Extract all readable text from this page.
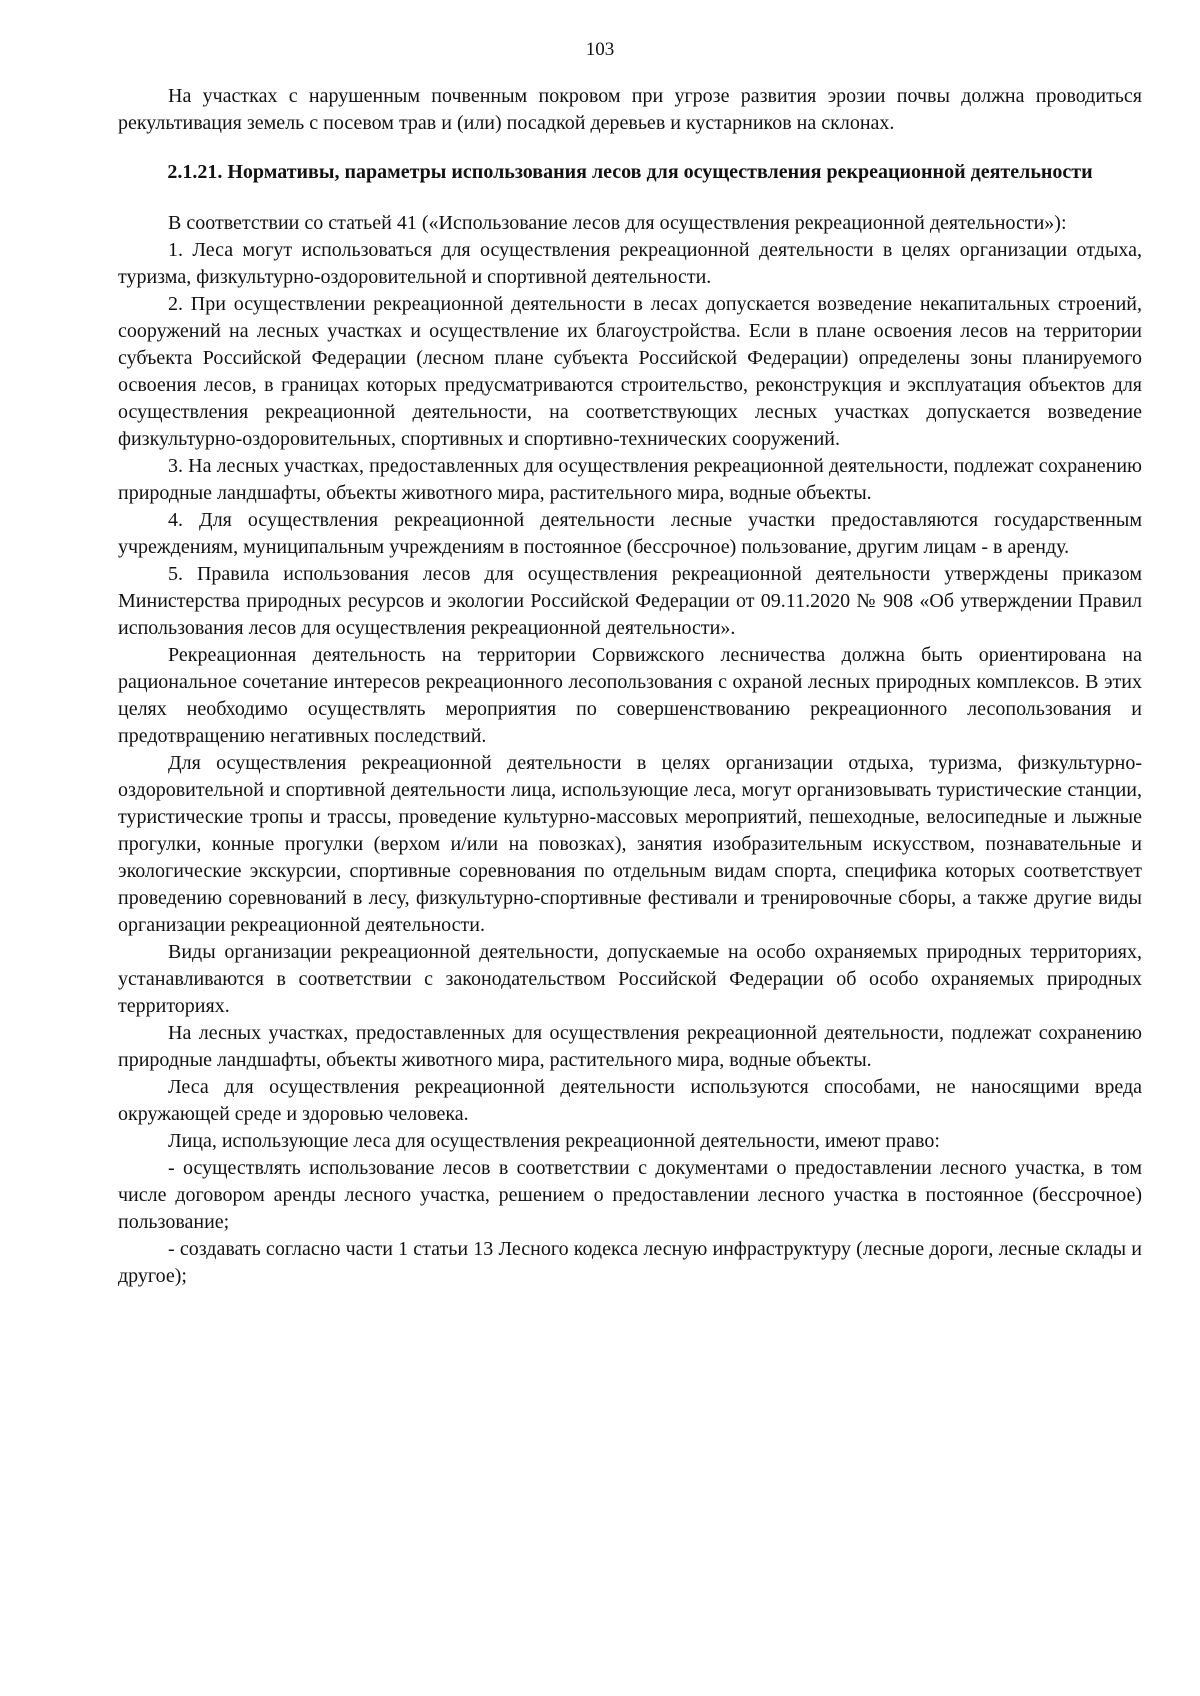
103

На участках с нарушенным почвенным покровом при угрозе развития эрозии почвы должна проводиться рекультивация земель с посевом трав и (или) посадкой деревьев и кустарников на склонах.

2.1.21. Нормативы, параметры использования лесов для осуществления рекреационной деятельности

В соответствии со статьей 41 («Использование лесов для осуществления рекреационной деятельности»):

1. Леса могут использоваться для осуществления рекреационной деятельности в целях организации отдыха, туризма, физкультурно-оздоровительной и спортивной деятельности.

2. При осуществлении рекреационной деятельности в лесах допускается возведение некапитальных строений, сооружений на лесных участках и осуществление их благоустройства. Если в плане освоения лесов на территории субъекта Российской Федерации (лесном плане субъекта Российской Федерации) определены зоны планируемого освоения лесов, в границах которых предусматриваются строительство, реконструкция и эксплуатация объектов для осуществления рекреационной деятельности, на соответствующих лесных участках допускается возведение физкультурно-оздоровительных, спортивных и спортивно-технических сооружений.

3. На лесных участках, предоставленных для осуществления рекреационной деятельности, подлежат сохранению природные ландшафты, объекты животного мира, растительного мира, водные объекты.

4. Для осуществления рекреационной деятельности лесные участки предоставляются государственным учреждениям, муниципальным учреждениям в постоянное (бессрочное) пользование, другим лицам - в аренду.

5. Правила использования лесов для осуществления рекреационной деятельности утверждены приказом Министерства природных ресурсов и экологии Российской Федерации от 09.11.2020 № 908 «Об утверждении Правил использования лесов для осуществления рекреационной деятельности».

Рекреационная деятельность на территории Сорвижского лесничества должна быть ориентирована на рациональное сочетание интересов рекреационного лесопользования с охраной лесных природных комплексов. В этих целях необходимо осуществлять мероприятия по совершенствованию рекреационного лесопользования и предотвращению негативных последствий.

Для осуществления рекреационной деятельности в целях организации отдыха, туризма, физкультурно-оздоровительной и спортивной деятельности лица, использующие леса, могут организовывать туристические станции, туристические тропы и трассы, проведение культурно-массовых мероприятий, пешеходные, велосипедные и лыжные прогулки, конные прогулки (верхом и/или на повозках), занятия изобразительным искусством, познавательные и экологические экскурсии, спортивные соревнования по отдельным видам спорта, специфика которых соответствует проведению соревнований в лесу, физкультурно-спортивные фестивали и тренировочные сборы, а также другие виды организации рекреационной деятельности.

Виды организации рекреационной деятельности, допускаемые на особо охраняемых природных территориях, устанавливаются в соответствии с законодательством Российской Федерации об особо охраняемых природных территориях.

На лесных участках, предоставленных для осуществления рекреационной деятельности, подлежат сохранению природные ландшафты, объекты животного мира, растительного мира, водные объекты.

Леса для осуществления рекреационной деятельности используются способами, не наносящими вреда окружающей среде и здоровью человека.

Лица, использующие леса для осуществления рекреационной деятельности, имеют право:

- осуществлять использование лесов в соответствии с документами о предоставлении лесного участка, в том числе договором аренды лесного участка, решением о предоставлении лесного участка в постоянное (бессрочное) пользование;

- создавать согласно части 1 статьи 13 Лесного кодекса лесную инфраструктуру (лесные дороги, лесные склады и другое);
